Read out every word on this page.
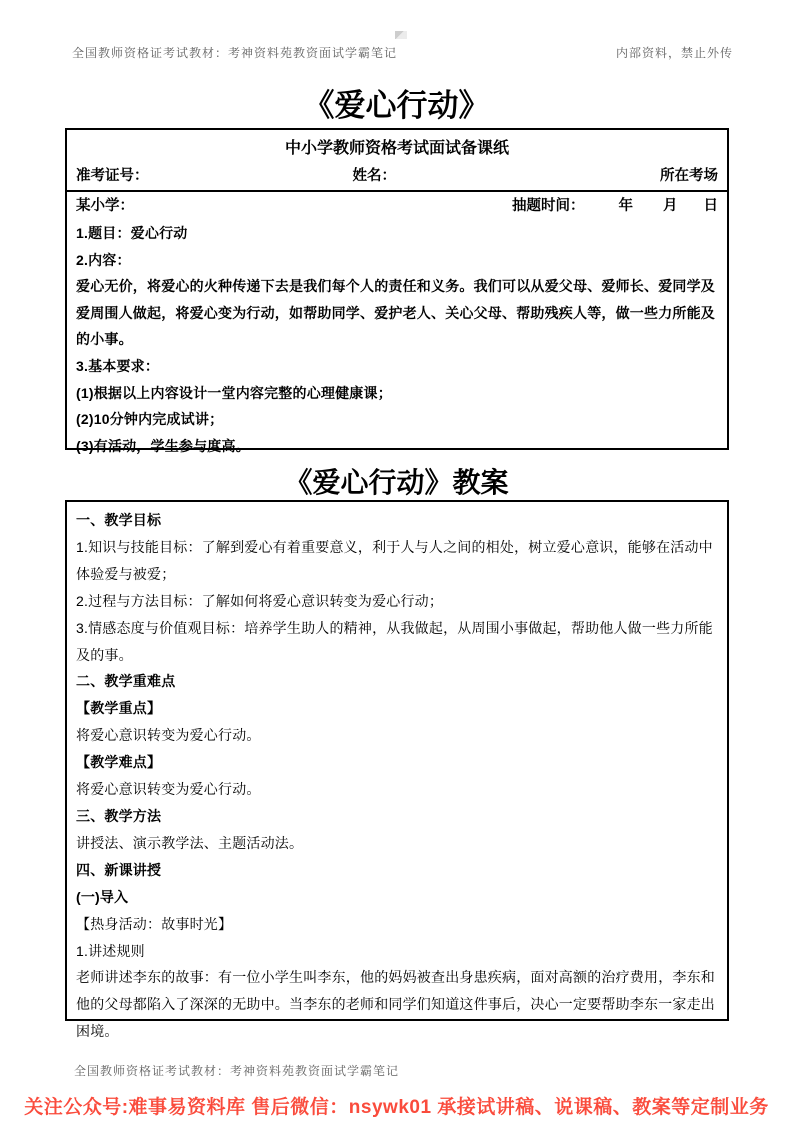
全国教师资格证考试教材：考神资料苑教资面试学霸笔记	内部资料，禁止外传
《爱心行动》
中小学教师资格考试面试备课纸
准考证号：	姓名：	所在考场
某小学：	抽题时间： 年 月 日
1.题目：爱心行动
2.内容：
爱心无价，将爱心的火种传递下去是我们每个人的责任和义务。我们可以从爱父母、爱师长、爱同学及爱周围人做起，将爱心变为行动，如帮助同学、爱护老人、关心父母、帮助残疾人等，做一些力所能及的小事。
3.基本要求：
(1)根据以上内容设计一堂内容完整的心理健康课；
(2)10分钟内完成试讲；
(3)有活动，学生参与度高。
《爱心行动》教案
一、教学目标
1.知识与技能目标：了解到爱心有着重要意义，利于人与人之间的相处，树立爱心意识，能够在活动中体验爱与被爱；
2.过程与方法目标：了解如何将爱心意识转变为爱心行动；
3.情感态度与价值观目标：培养学生助人的精神，从我做起，从周围小事做起，帮助他人做一些力所能及的事。
二、教学重难点
【教学重点】
将爱心意识转变为爱心行动。
【教学难点】
将爱心意识转变为爱心行动。
三、教学方法
讲授法、演示教学法、主题活动法。
四、新课讲授
(一)导入
【热身活动：故事时光】
1.讲述规则
老师讲述李东的故事：有一位小学生叫李东，他的妈妈被查出身患疾病，面对高额的治疗费用，李东和他的父母都陷入了深深的无助中。当李东的老师和同学们知道这件事后，决心一定要帮助李东一家走出困境。
全国教师资格证考试教材：考神资料苑教资面试学霸笔记
关注公众号:难事易资料库 售后微信：nsywk01 承接试讲稿、说课稿、教案等定制业务
